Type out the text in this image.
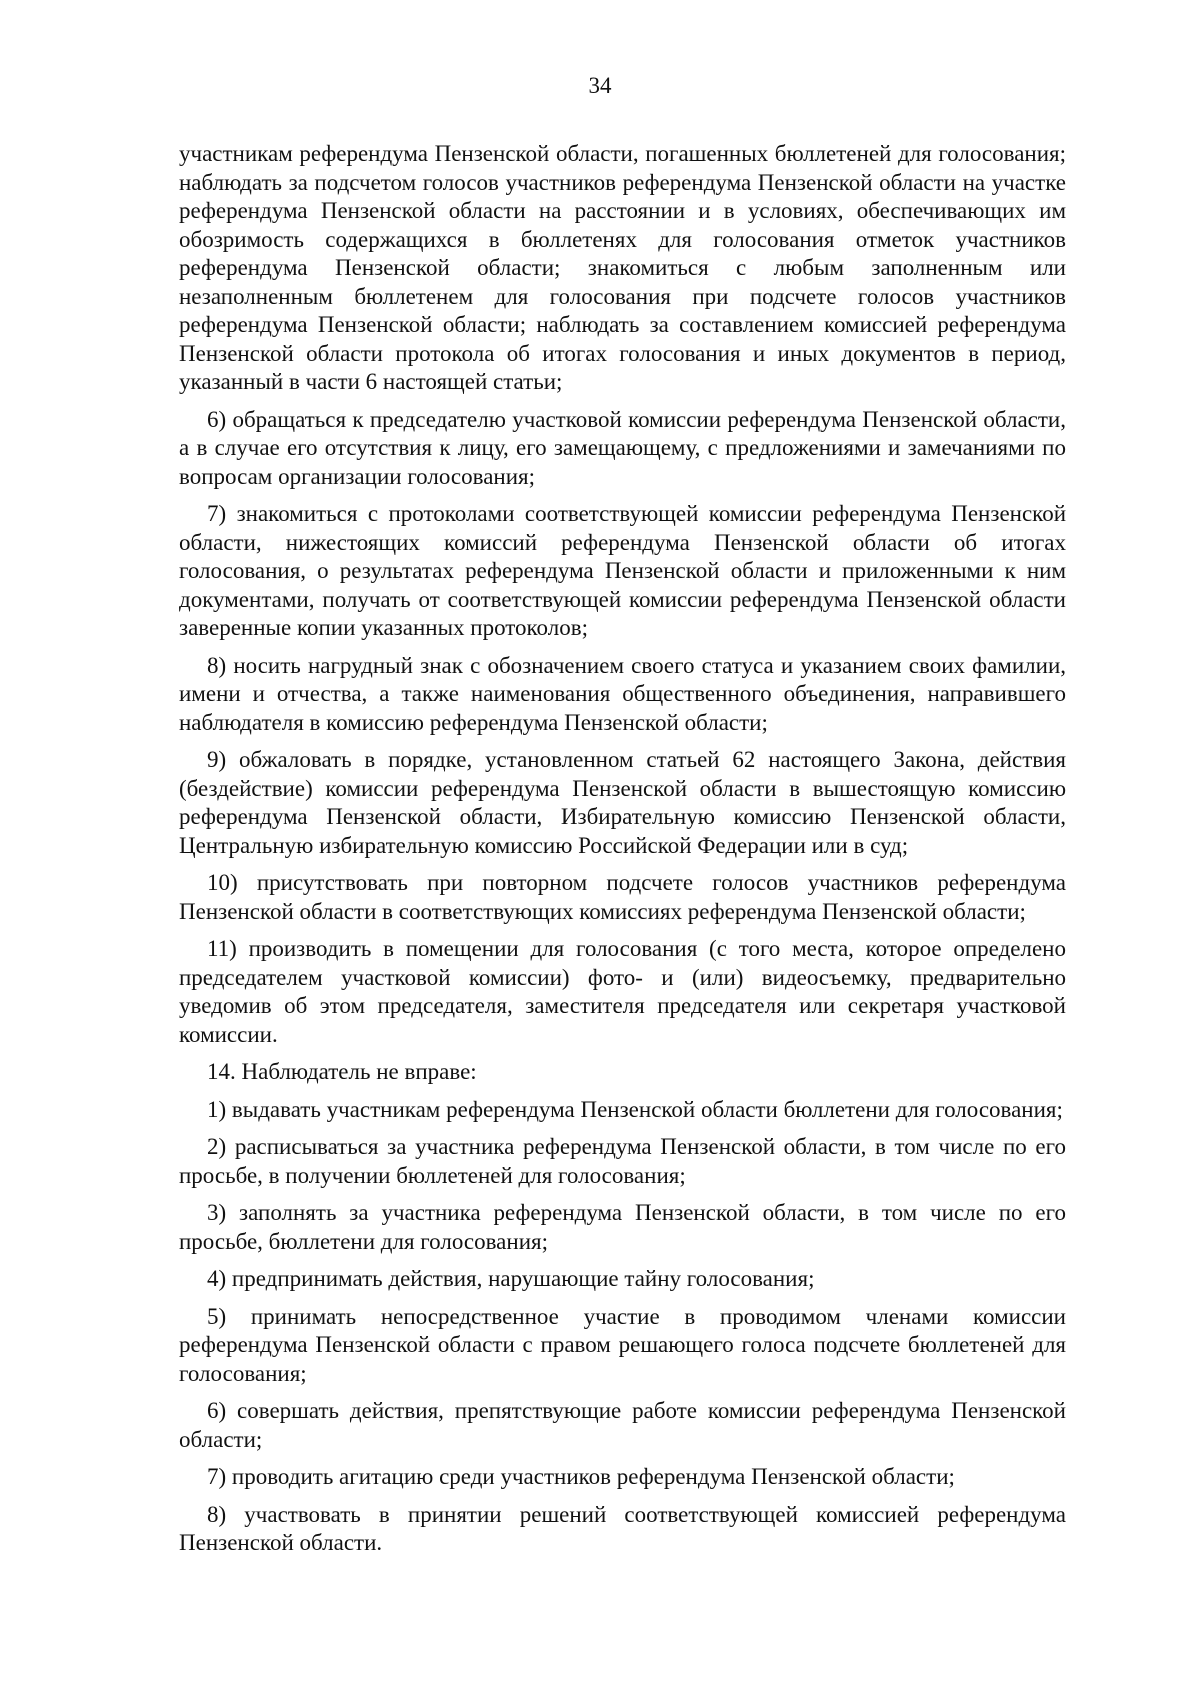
34

участникам референдума Пензенской области, погашенных бюллетеней для голосования; наблюдать за подсчетом голосов участников референдума Пензенской области на участке референдума Пензенской области на расстоянии и в условиях, обеспечивающих им обозримость содержащихся в бюллетенях для голосования отметок участников референдума Пензенской области; знакомиться с любым заполненным или незаполненным бюллетенем для голосования при подсчете голосов участников референдума Пензенской области; наблюдать за составлением комиссией референдума Пензенской области протокола об итогах голосования и иных документов в период, указанный в части 6 настоящей статьи;

6) обращаться к председателю участковой комиссии референдума Пензенской области, а в случае его отсутствия к лицу, его замещающему, с предложениями и замечаниями по вопросам организации голосования;

7) знакомиться с протоколами соответствующей комиссии референдума Пензенской области, нижестоящих комиссий референдума Пензенской области об итогах голосования, о результатах референдума Пензенской области и приложенными к ним документами, получать от соответствующей комиссии референдума Пензенской области заверенные копии указанных протоколов;

8) носить нагрудный знак с обозначением своего статуса и указанием своих фамилии, имени и отчества, а также наименования общественного объединения, направившего наблюдателя в комиссию референдума Пензенской области;

9) обжаловать в порядке, установленном статьей 62 настоящего Закона, действия (бездействие) комиссии референдума Пензенской области в вышестоящую комиссию референдума Пензенской области, Избирательную комиссию Пензенской области, Центральную избирательную комиссию Российской Федерации или в суд;

10) присутствовать при повторном подсчете голосов участников референдума Пензенской области в соответствующих комиссиях референдума Пензенской области;

11) производить в помещении для голосования (с того места, которое определено председателем участковой комиссии) фото- и (или) видеосъемку, предварительно уведомив об этом председателя, заместителя председателя или секретаря участковой комиссии.

14. Наблюдатель не вправе:

1) выдавать участникам референдума Пензенской области бюллетени для голосования;

2) расписываться за участника референдума Пензенской области, в том числе по его просьбе, в получении бюллетеней для голосования;

3) заполнять за участника референдума Пензенской области, в том числе по его просьбе, бюллетени для голосования;

4) предпринимать действия, нарушающие тайну голосования;

5) принимать непосредственное участие в проводимом членами комиссии референдума Пензенской области с правом решающего голоса подсчете бюллетеней для голосования;

6) совершать действия, препятствующие работе комиссии референдума Пензенской области;

7) проводить агитацию среди участников референдума Пензенской области;

8) участвовать в принятии решений соответствующей комиссией референдума Пензенской области.
